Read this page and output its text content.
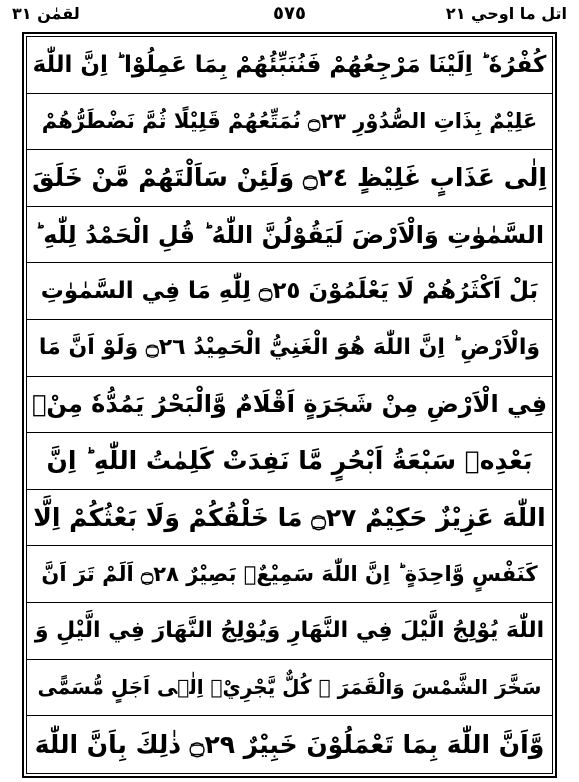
اتل ما اوحي ٢١
٥٧٥
لقمٰن ٣١
كُفْرُهٗ ؕ اِلَيْنَا مَرْجِعُهُمْ فَنُنَبِّئُهُمْ بِمَا عَمِلُوْا ؕ اِنَّ اللّٰهَ
عَلِيْمٌ بِذَاتِ الصُّدُوْرِ ۝٢٣ نُمَتِّعُهُمْ قَلِيْلًا ثُمَّ نَضْطَرُّهُمْ
اِلٰى عَذَابٍ غَلِيْظٍ ۝٢٤ وَلَئِنْ سَاَلْتَهُمْ مَّنْ خَلَقَ
السَّمٰوٰتِ وَالْاَرْضَ لَيَقُوْلُنَّ اللّٰهُ ؕ قُلِ الْحَمْدُ لِلّٰهِ ؕ
بَلْ اَكْثَرُهُمْ لَا يَعْلَمُوْنَ ۝٢٥ لِلّٰهِ مَا فِي السَّمٰوٰتِ
وَالْاَرْضِ ؕ اِنَّ اللّٰهَ هُوَ الْغَنِيُّ الْحَمِيْدُ ۝٢٦ وَلَوْ اَنَّ مَا
فِي الْاَرْضِ مِنْ شَجَرَةٍ اَقْلَامٌ وَّالْبَحْرُ يَمُدُّهٗ مِنْۢ
بَعْدِهٖ سَبْعَةُ اَبْحُرٍ مَّا نَفِدَتْ كَلِمٰتُ اللّٰهِ ؕ اِنَّ
اللّٰهَ عَزِيْزٌ حَكِيْمٌ ۝٢٧ مَا خَلْقُكُمْ وَلَا بَعْثُكُمْ اِلَّا
كَنَفْسٍ وَّاحِدَةٍ ؕ اِنَّ اللّٰهَ سَمِيْعٌۢ بَصِيْرٌ ۝٢٨ اَلَمْ تَرَ اَنَّ
اللّٰهَ يُوْلِجُ الَّيْلَ فِي النَّهَارِ وَيُوْلِجُ النَّهَارَ فِي الَّيْلِ وَ
سَخَّرَ الشَّمْسَ وَالْقَمَرَ ؗ كُلٌّ يَّجْرِيْۤ اِلٰۤى اَجَلٍ مُّسَمًّى
وَّاَنَّ اللّٰهَ بِمَا تَعْمَلُوْنَ خَبِيْرٌ ۝٢٩ ذٰلِكَ بِاَنَّ اللّٰهَ
